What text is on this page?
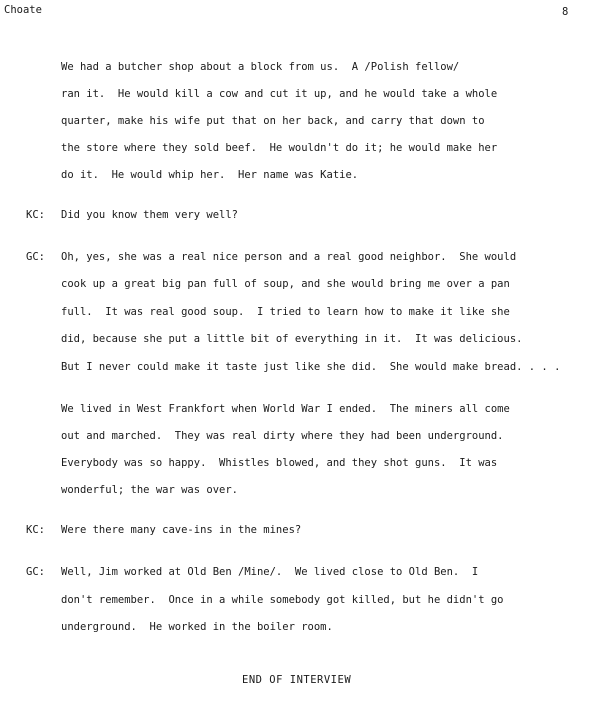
Choate	8
We had a butcher shop about a block from us.  A /Polish fellow/
ran it.  He would kill a cow and cut it up, and he would take a whole
quarter, make his wife put that on her back, and carry that down to
the store where they sold beef.  He wouldn't do it; he would make her
do it.  He would whip her.  Her name was Katie.
KC: Did you know them very well?
GC: Oh, yes, she was a real nice person and a real good neighbor.  She would
cook up a great big pan full of soup, and she would bring me over a pan
full.  It was real good soup.  I tried to learn how to make it like she
did, because she put a little bit of everything in it.  It was delicious.
But I never could make it taste just like she did.  She would make bread. . . .
We lived in West Frankfort when World War I ended.  The miners all come
out and marched.  They was real dirty where they had been underground.
Everybody was so happy.  Whistles blowed, and they shot guns.  It was
wonderful; the war was over.
KC: Were there many cave-ins in the mines?
GC: Well, Jim worked at Old Ben /Mine/.  We lived close to Old Ben.  I
don't remember.  Once in a while somebody got killed, but he didn't go
underground.  He worked in the boiler room.
END OF INTERVIEW
